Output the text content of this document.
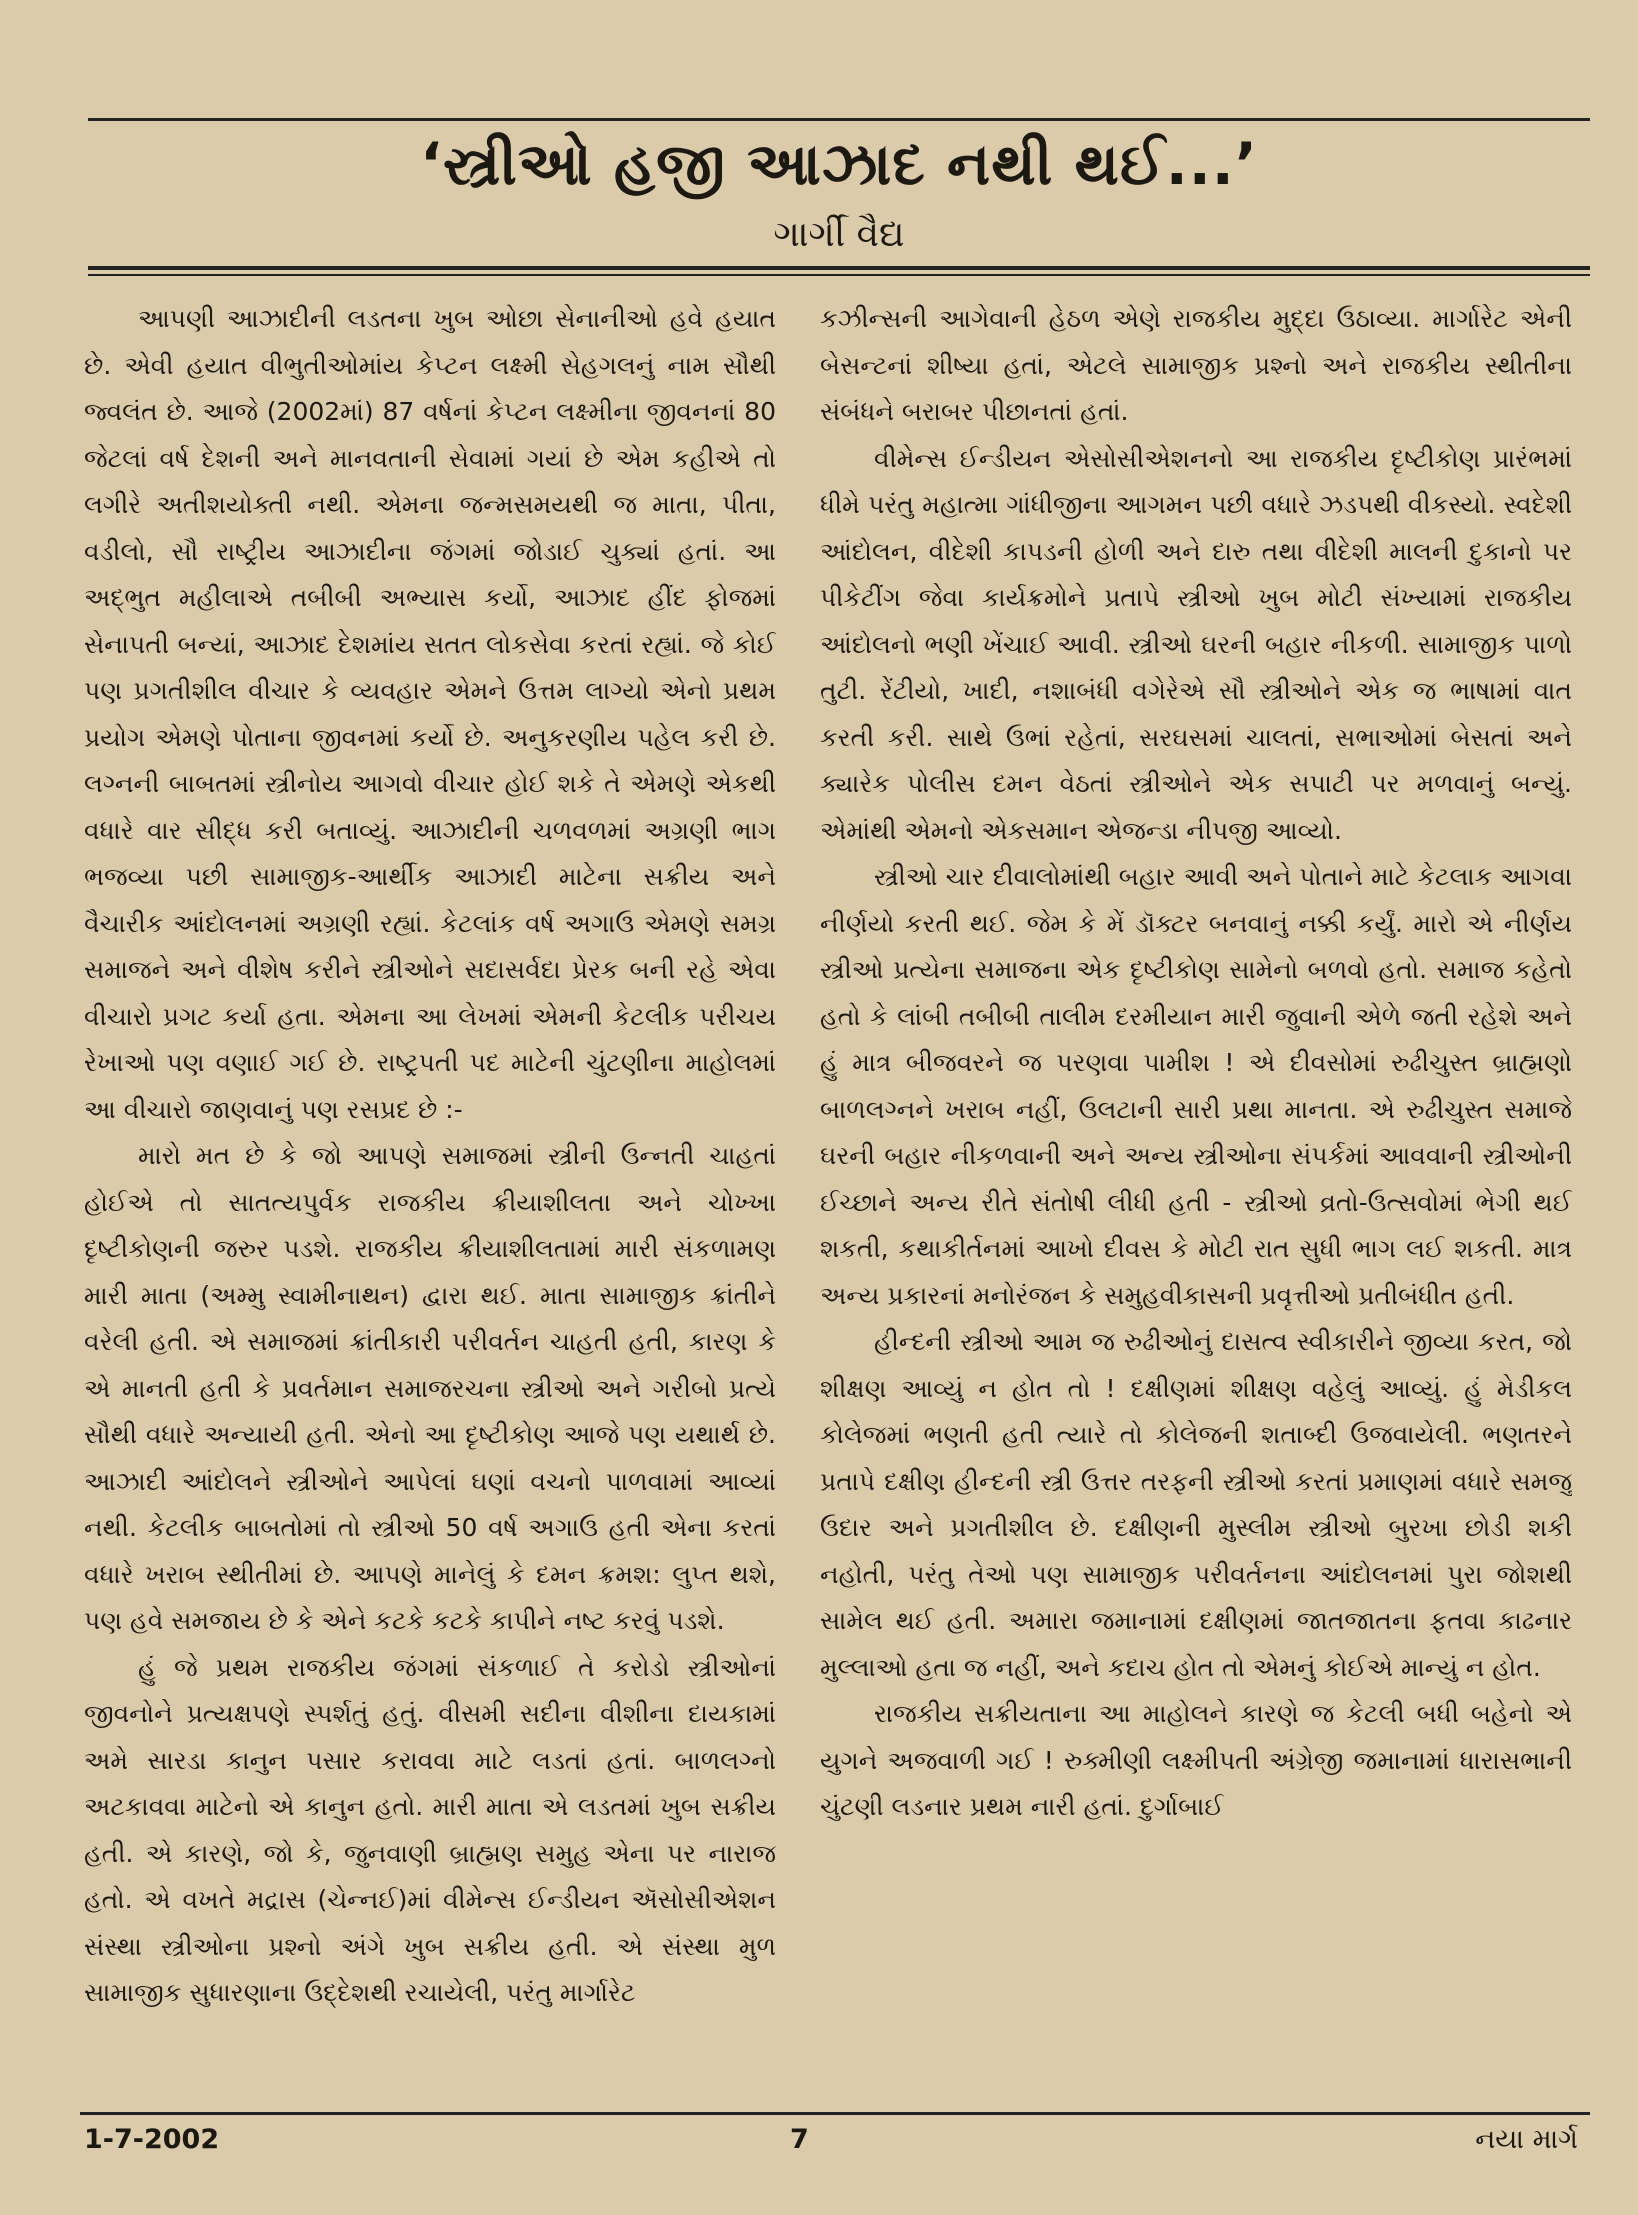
‘સ્ત્રીઓ હજી આઝાદ નથી થઈ...’
ગાર્ગી વૈદ્ય

આપણી આઝાદીની લડતના ખુબ ઓછા સેનાનીઓ હવે હયાત છે. એવી હયાત વીભુતીઓમાંય કેપ્ટન લક્ષ્મી સેહગલનું નામ સૌથી જ્વલંત છે. આજે (2002માં) 87 વર્ષનાં કેપ્ટન લક્ષ્મીના જીવનનાં 80 જેટલાં વર્ષ દેશની અને માનવતાની સેવામાં ગયાં છે એમ કહીએ તો લગીરે અતીશયોક્તી નથી. એમના જન્મસમયથી જ માતા, પીતા, વડીલો, સૌ રાષ્ટ્રીય આઝાદીના જંગમાં જોડાઈ ચુક્યાં હતાં. આ અદ્ભુત મહીલાએ તબીબી અભ્યાસ કર્યો, આઝાદ હીંદ ફોજમાં સેનાપતી બન્યાં, આઝાદ દેશમાંય સતત લોકસેવા કરતાં રહ્યાં. જે કોઈ પણ પ્રગતીશીલ વીચાર કે વ્યવહાર એમને ઉત્તમ લાગ્યો એનો પ્રથમ પ્રયોગ એમણે પોતાના જીવનમાં કર્યો છે. અનુકરણીય પહેલ કરી છે. લગ્નની બાબતમાં સ્ત્રીનોય આગવો વીચાર હોઈ શકે તે એમણે એકથી વધારે વાર સીદ્ધ કરી બતાવ્યું. આઝાદીની ચળવળમાં અગ્રણી ભાગ ભજવ્યા પછી સામાજીક-આર્થીક આઝાદી માટેના સક્રીય અને વૈચારીક આંદોલનમાં અગ્રણી રહ્યાં. કેટલાંક વર્ષ અગાઉ એમણે સમગ્ર સમાજને અને વીશેષ કરીને સ્ત્રીઓને સદાસર્વદા પ્રેરક બની રહે એવા વીચારો પ્રગટ કર્યા હતા. એમના આ લેખમાં એમની કેટલીક પરીચય રેખાઓ પણ વણાઈ ગઈ છે. રાષ્ટ્રપતી પદ માટેની ચુંટણીના માહોલમાં આ વીચારો જાણવાનું પણ રસપ્રદ છે :-

મારો મત છે કે જો આપણે સમાજમાં સ્ત્રીની ઉન્નતી ચાહતાં હોઈએ તો સાતત્યપુર્વક રાજકીય ક્રીયાશીલતા અને ચોખ્ખા દૃષ્ટીકોણની જરુર પડશે. રાજકીય ક્રીયાશીલતામાં મારી સંકળામણ મારી માતા (અમ્મુ સ્વામીનાથન) દ્વારા થઈ. માતા સામાજીક ક્રાંતીને વરેલી હતી. એ સમાજમાં ક્રાંતીકારી પરીવર્તન ચાહતી હતી, કારણ કે એ માનતી હતી કે પ્રવર્તમાન સમાજરચના સ્ત્રીઓ અને ગરીબો પ્રત્યે સૌથી વધારે અન્યાયી હતી. એનો આ દૃષ્ટીકોણ આજે પણ યથાર્થ છે. આઝાદી આંદોલને સ્ત્રીઓને આપેલાં ઘણાં વચનો પાળવામાં આવ્યાં નથી. કેટલીક બાબતોમાં તો સ્ત્રીઓ 50 વર્ષ અગાઉ હતી એના કરતાં વધારે ખરાબ સ્થીતીમાં છે. આપણે માનેલું કે દમન ક્રમશ: લુપ્ત થશે, પણ હવે સમજાય છે કે એને કટકે કટકે કાપીને નષ્ટ કરવું પડશે.

હું જે પ્રથમ રાજકીય જંગમાં સંકળાઈ તે કરોડો સ્ત્રીઓનાં જીવનોને પ્રત્યક્ષપણે સ્પર્શતું હતું. વીસમી સદીના વીશીના દાયકામાં અમે સારડા કાનુન પસાર કરાવવા માટે લડતાં હતાં. બાળલગ્નો અટકાવવા માટેનો એ કાનુન હતો. મારી માતા એ લડતમાં ખુબ સક્રીય હતી. એ કારણે, જો કે, જુનવાણી બ્રાહ્મણ સમુહ એના પર નારાજ હતો. એ વખતે મદ્રાસ (ચેન્નઈ)માં વીમેન્સ ઈન્ડીયન ઍસોસીએશન સંસ્થા સ્ત્રીઓના પ્રશ્નો અંગે ખુબ સક્રીય હતી. એ સંસ્થા મુળ સામાજીક સુધારણાના ઉદ્દેશથી રચાયેલી, પરંતુ માર્ગારેટ

કઝીન્સની આગેવાની હેઠળ એણે રાજકીય મુદ્દા ઉઠાવ્યા. માર્ગારેટ એની બેસન્ટનાં શીષ્યા હતાં, એટલે સામાજીક પ્રશ્નો અને રાજકીય સ્થીતીના સંબંધને બરાબર પીછાનતાં હતાં.

વીમેન્સ ઈન્ડીયન એસોસીએશનનો આ રાજકીય દૃષ્ટીકોણ પ્રારંભમાં ધીમે પરંતુ મહાત્મા ગાંધીજીના આગમન પછી વધારે ઝડપથી વીકસ્યો. સ્વદેશી આંદોલન, વીદેશી કાપડની હોળી અને દારુ તથા વીદેશી માલની દુકાનો પર પીકેટીંગ જેવા કાર્યક્રમોને પ્રતાપે સ્ત્રીઓ ખુબ મોટી સંખ્યામાં રાજકીય આંદોલનો ભણી ખેંચાઈ આવી. સ્ત્રીઓ ઘરની બહાર નીકળી. સામાજીક પાળો તુટી. રેંટીયો, ખાદી, નશાબંધી વગેરેએ સૌ સ્ત્રીઓને એક જ ભાષામાં વાત કરતી કરી. સાથે ઉભાં રહેતાં, સરઘસમાં ચાલતાં, સભાઓમાં બેસતાં અને ક્યારેક પોલીસ દમન વેઠતાં સ્ત્રીઓને એક સપાટી પર મળવાનું બન્યું. એમાંથી એમનો એકસમાન એજન્ડા નીપજી આવ્યો.

સ્ત્રીઓ ચાર દીવાલોમાંથી બહાર આવી અને પોતાને માટે કેટલાક આગવા નીર્ણયો કરતી થઈ. જેમ કે મેં ડૉક્ટર બનવાનું નક્કી કર્યું. મારો એ નીર્ણય સ્ત્રીઓ પ્રત્યેના સમાજના એક દૃષ્ટીકોણ સામેનો બળવો હતો. સમાજ કહેતો હતો કે લાંબી તબીબી તાલીમ દરમીયાન મારી જુવાની એળે જતી રહેશે અને હું માત્ર બીજવરને જ પરણવા પામીશ ! એ દીવસોમાં રુઢીચુસ્ત બ્રાહ્મણો બાળલગ્નને ખરાબ નહીં, ઉલટાની સારી પ્રથા માનતા. એ રુઢીચુસ્ત સમાજે ઘરની બહાર નીકળવાની અને અન્ય સ્ત્રીઓના સંપર્કમાં આવવાની સ્ત્રીઓની ઈચ્છાને અન્ય રીતે સંતોષી લીધી હતી - સ્ત્રીઓ વ્રતો-ઉત્સવોમાં ભેગી થઈ શકતી, કથાકીર્તનમાં આખો દીવસ કે મોટી રાત સુધી ભાગ લઈ શકતી. માત્ર અન્ય પ્રકારનાં મનોરંજન કે સમુહવીકાસની પ્રવૃત્તીઓ પ્રતીબંધીત હતી.

હીન્દની સ્ત્રીઓ આમ જ રુઢીઓનું દાસત્વ સ્વીકારીને જીવ્યા કરત, જો શીક્ષણ આવ્યું ન હોત તો ! દક્ષીણમાં શીક્ષણ વહેલું આવ્યું. હું મેડીકલ કોલેજમાં ભણતી હતી ત્યારે તો કોલેજની શતાબ્દી ઉજવાયેલી. ભણતરને પ્રતાપે દક્ષીણ હીન્દની સ્ત્રી ઉત્તર તરફની સ્ત્રીઓ કરતાં પ્રમાણમાં વધારે સમજુ ઉદાર અને પ્રગતીશીલ છે. દક્ષીણની મુસ્લીમ સ્ત્રીઓ બુરખા છોડી શકી નહોતી, પરંતુ તેઓ પણ સામાજીક પરીવર્તનના આંદોલનમાં પુરા જોશથી સામેલ થઈ હતી. અમારા જમાનામાં દક્ષીણમાં જાતજાતના ફતવા કાઢનાર મુલ્લાઓ હતા જ નહીં, અને કદાચ હોત તો એમનું કોઈએ માન્યું ન હોત.

રાજકીય સક્રીયતાના આ માહોલને કારણે જ કેટલી બધી બહેનો એ યુગને અજવાળી ગઈ ! રુક્મીણી લક્ષ્મીપતી અંગ્રેજી જમાનામાં ધારાસભાની ચુંટણી લડનાર પ્રથમ નારી હતાં. દુર્ગાબાઈ

1-7-2002	7	નયા માર્ગ
